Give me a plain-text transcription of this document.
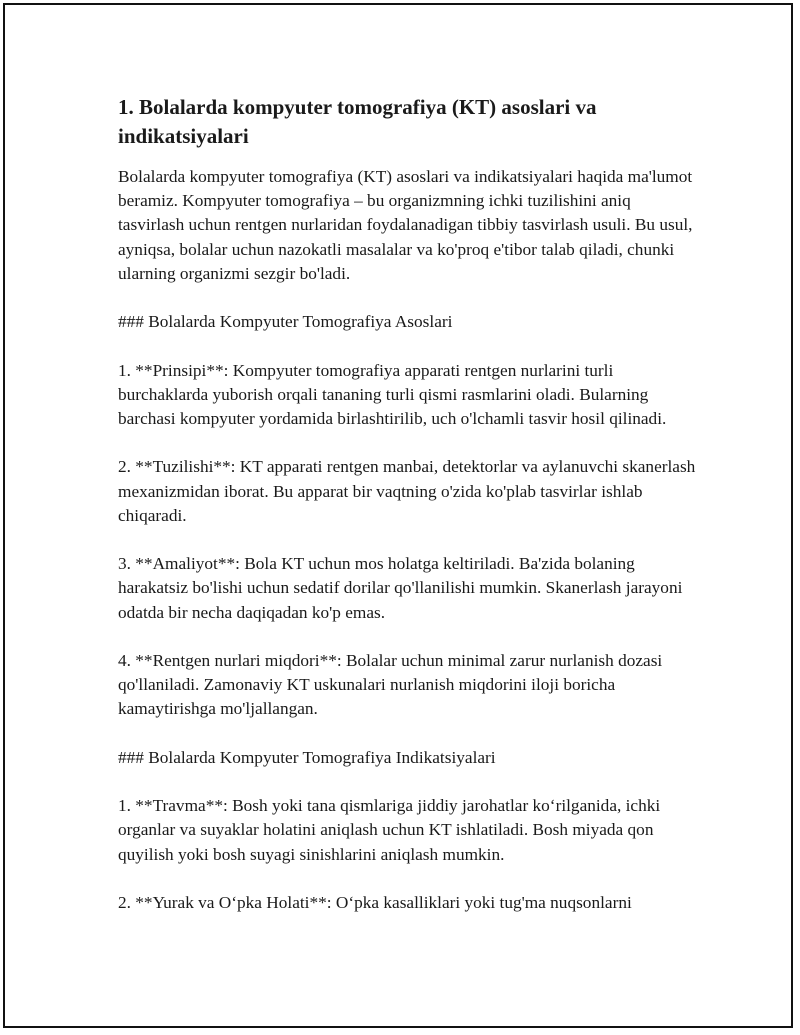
1. Bolalarda kompyuter tomografiya (KT) asoslari va indikatsiyalari

Bolalarda kompyuter tomografiya (KT) asoslari va indikatsiyalari haqida ma'lumot beramiz. Kompyuter tomografiya – bu organizmning ichki tuzilishini aniq tasvirlash uchun rentgen nurlaridan foydalanadigan tibbiy tasvirlash usuli. Bu usul, ayniqsa, bolalar uchun nazokatli masalalar va ko'proq e'tibor talab qiladi, chunki ularning organizmi sezgir bo'ladi.

### Bolalarda Kompyuter Tomografiya Asoslari

1. **Prinsipi**: Kompyuter tomografiya apparati rentgen nurlarini turli burchaklarda yuborish orqali tananing turli qismi rasmlarini oladi. Bularning barchasi kompyuter yordamida birlashtirilib, uch o'lchamli tasvir hosil qilinadi.

2. **Tuzilishi**: KT apparati rentgen manbai, detektorlar va aylanuvchi skanerlash mexanizmidan iborat. Bu apparat bir vaqtning o'zida ko'plab tasvirlar ishlab chiqaradi.

3. **Amaliyot**: Bola KT uchun mos holatga keltiriladi. Ba'zida bolaning harakatsiz bo'lishi uchun sedatif dorilar qo'llanilishi mumkin. Skanerlash jarayoni odatda bir necha daqiqadan ko'p emas.

4. **Rentgen nurlari miqdori**: Bolalar uchun minimal zarur nurlanish dozasi qo'llaniladi. Zamonaviy KT uskunalari nurlanish miqdorini iloji boricha kamaytirishga mo'ljallangan.

### Bolalarda Kompyuter Tomografiya Indikatsiyalari

1. **Travma**: Bosh yoki tana qismlariga jiddiy jarohatlar ko‘rilganida, ichki organlar va suyaklar holatini aniqlash uchun KT ishlatiladi. Bosh miyada qon quyilish yoki bosh suyagi sinishlarini aniqlash mumkin.

2. **Yurak va O‘pka Holati**: O‘pka kasalliklari yoki tug'ma nuqsonlarni
